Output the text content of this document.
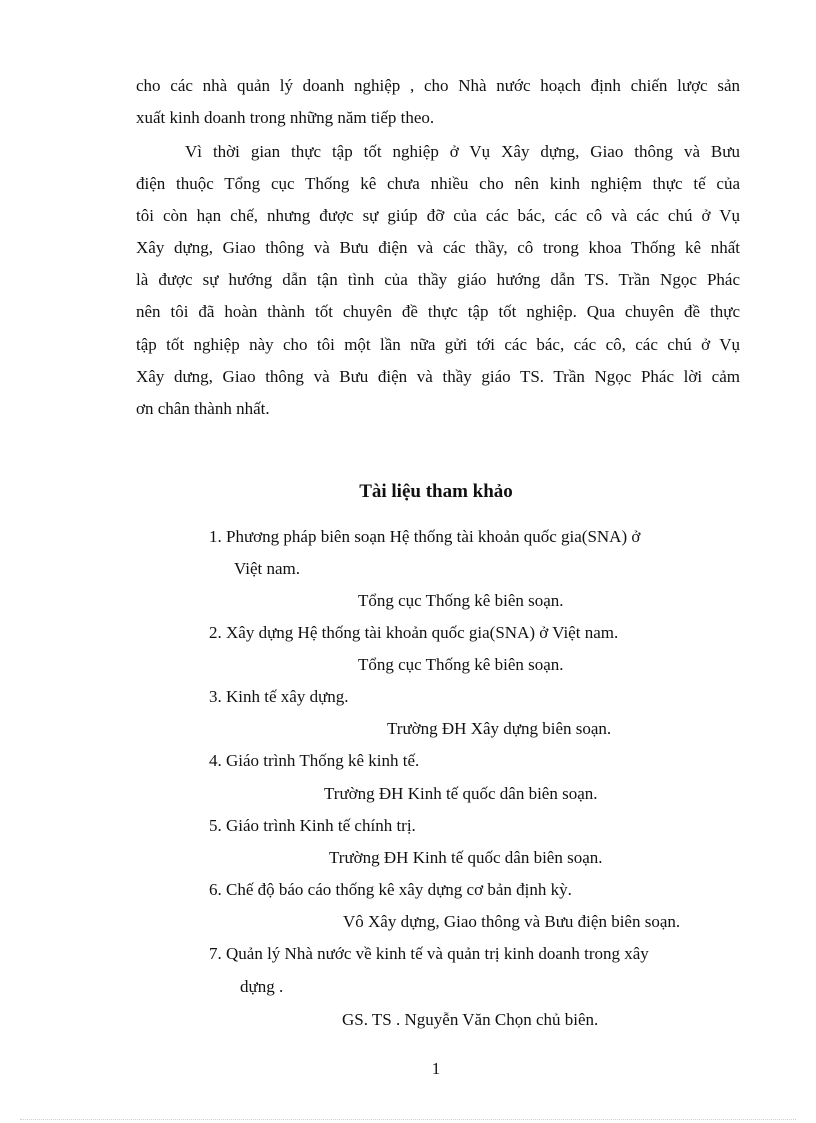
cho các nhà quản lý doanh nghiệp , cho Nhà nước hoạch định chiến lược sản
xuất kinh doanh trong những năm tiếp theo.
Vì thời gian thực tập tốt nghiệp ở Vụ Xây dựng, Giao thông và Bưu
điện thuộc Tổng cục Thống kê chưa nhiều cho nên kinh nghiệm thực tế của
tôi còn hạn chế, nhưng được sự giúp đỡ của các bác, các cô và các chú ở Vụ
Xây dựng, Giao thông và Bưu điện và các thầy, cô trong khoa Thống kê nhất
là được sự hướng dẫn tận tình của thầy giáo hướng dẫn TS. Trần Ngọc Phác
nên tôi đã hoàn thành tốt chuyên đề thực tập tốt nghiệp. Qua chuyên đề thực
tập tốt nghiệp này cho tôi một lần nữa gửi tới các bác, các cô, các chú ở Vụ
Xây dưng, Giao thông và Bưu điện và thầy giáo TS. Trần Ngọc Phác lời cảm
ơn chân thành nhất.
Tài liệu tham khảo
1. Phương pháp biên soạn Hệ thống tài khoản quốc gia(SNA) ở
Việt nam.
Tổng cục Thống kê biên soạn.
2. Xây dựng Hệ thống tài khoản quốc gia(SNA) ở Việt nam.
Tổng cục Thống kê biên soạn.
3. Kinh tế xây dựng.
Trường ĐH Xây dựng biên soạn.
4. Giáo trình Thống kê kinh tế.
Trường ĐH Kinh tế quốc dân biên soạn.
5. Giáo trình Kinh tế chính trị.
Trường ĐH Kinh tế quốc dân biên soạn.
6. Chế độ báo cáo thống kê xây dựng cơ bản định kỳ.
Vô Xây dựng, Giao thông và Bưu điện biên soạn.
7. Quản lý Nhà nước về kinh tế và quản trị kinh doanh trong xây
dựng .
GS. TS . Nguyễn Văn Chọn chủ biên.
1
